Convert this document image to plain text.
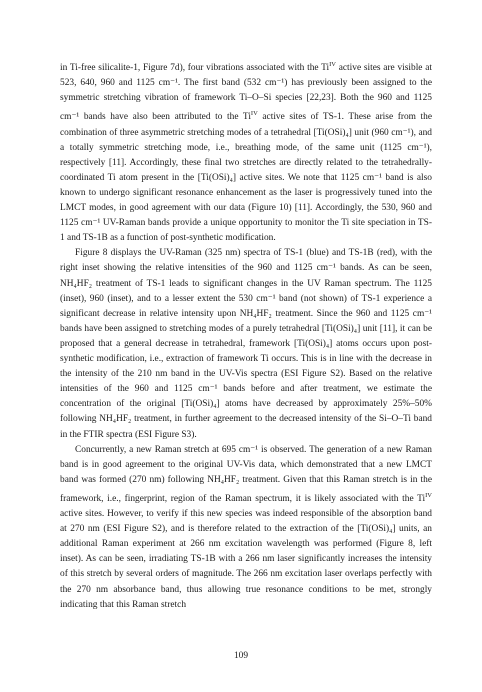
in Ti-free silicalite-1, Figure 7d), four vibrations associated with the $Ti^{IV}$ active sites are visible at 523, 640, 960 and 1125 cm⁻¹. The first band (532 cm⁻¹) has previously been assigned to the symmetric stretching vibration of framework Ti–O–Si species [22,23]. Both the 960 and 1125 cm⁻¹ bands have also been attributed to the $Ti^{IV}$ active sites of TS-1. These arise from the combination of three asymmetric stretching modes of a tetrahedral [Ti(OSi)₄] unit (960 cm⁻¹), and a totally symmetric stretching mode, i.e., breathing mode, of the same unit (1125 cm⁻¹), respectively [11]. Accordingly, these final two stretches are directly related to the tetrahedrally-coordinated Ti atom present in the [Ti(OSi)₄] active sites. We note that 1125 cm⁻¹ band is also known to undergo significant resonance enhancement as the laser is progressively tuned into the LMCT modes, in good agreement with our data (Figure 10) [11]. Accordingly, the 530, 960 and 1125 cm⁻¹ UV-Raman bands provide a unique opportunity to monitor the Ti site speciation in TS-1 and TS-1B as a function of post-synthetic modification.

Figure 8 displays the UV-Raman (325 nm) spectra of TS-1 (blue) and TS-1B (red), with the right inset showing the relative intensities of the 960 and 1125 cm⁻¹ bands. As can be seen, NH₄HF₂ treatment of TS-1 leads to significant changes in the UV Raman spectrum. The 1125 (inset), 960 (inset), and to a lesser extent the 530 cm⁻¹ band (not shown) of TS-1 experience a significant decrease in relative intensity upon NH₄HF₂ treatment. Since the 960 and 1125 cm⁻¹ bands have been assigned to stretching modes of a purely tetrahedral [Ti(OSi)₄] unit [11], it can be proposed that a general decrease in tetrahedral, framework [Ti(OSi)₄] atoms occurs upon post-synthetic modification, i.e., extraction of framework Ti occurs. This is in line with the decrease in the intensity of the 210 nm band in the UV-Vis spectra (ESI Figure S2). Based on the relative intensities of the 960 and 1125 cm⁻¹ bands before and after treatment, we estimate the concentration of the original [Ti(OSi)₄] atoms have decreased by approximately 25%–50% following NH₄HF₂ treatment, in further agreement to the decreased intensity of the Si–O–Ti band in the FTIR spectra (ESI Figure S3).

Concurrently, a new Raman stretch at 695 cm⁻¹ is observed. The generation of a new Raman band is in good agreement to the original UV-Vis data, which demonstrated that a new LMCT band was formed (270 nm) following NH₄HF₂ treatment. Given that this Raman stretch is in the framework, i.e., fingerprint, region of the Raman spectrum, it is likely associated with the $Ti^{IV}$ active sites. However, to verify if this new species was indeed responsible of the absorption band at 270 nm (ESI Figure S2), and is therefore related to the extraction of the [Ti(OSi)₄] units, an additional Raman experiment at 266 nm excitation wavelength was performed (Figure 8, left inset). As can be seen, irradiating TS-1B with a 266 nm laser significantly increases the intensity of this stretch by several orders of magnitude. The 266 nm excitation laser overlaps perfectly with the 270 nm absorbance band, thus allowing true resonance conditions to be met, strongly indicating that this Raman stretch

109
